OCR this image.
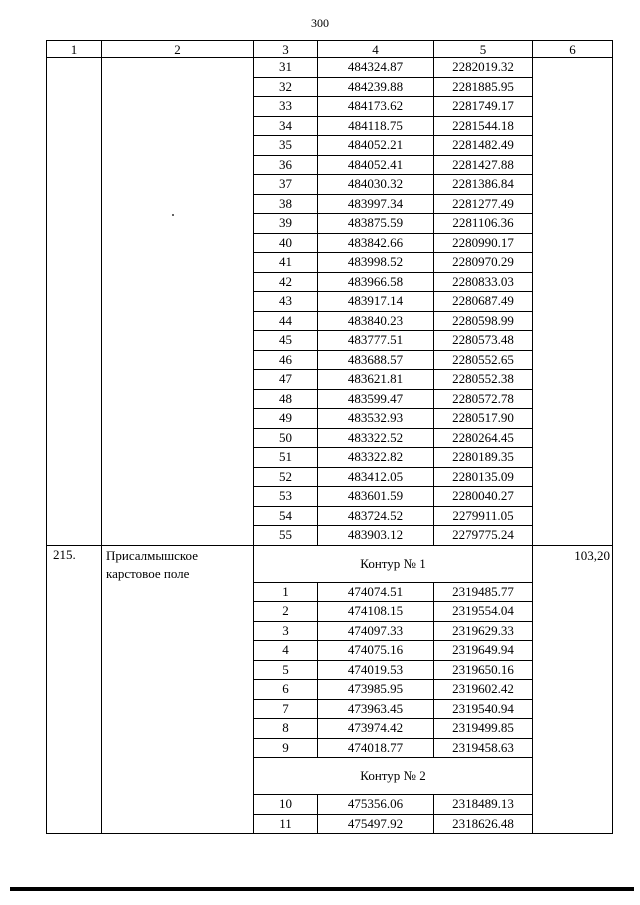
300
1	2	3	4	5	6
		31	484324.87	2282019.32	
		32	484239.88	2281885.95	
		33	484173.62	2281749.17	
		34	484118.75	2281544.18	
		35	484052.21	2281482.49	
		36	484052.41	2281427.88	
		37	484030.32	2281386.84	
		38	483997.34	2281277.49	
		39	483875.59	2281106.36	
		40	483842.66	2280990.17	
		41	483998.52	2280970.29	
		42	483966.58	2280833.03	
		43	483917.14	2280687.49	
		44	483840.23	2280598.99	
		45	483777.51	2280573.48	
		46	483688.57	2280552.65	
		47	483621.81	2280552.38	
		48	483599.47	2280572.78	
		49	483532.93	2280517.90	
		50	483322.52	2280264.45	
		51	483322.82	2280189.35	
		52	483412.05	2280135.09	
		53	483601.59	2280040.27	
		54	483724.52	2279911.05	
		55	483903.12	2279775.24	
215.	Присалмышское карстовое поле	Контур № 1			103,20
		1	474074.51	2319485.77	
		2	474108.15	2319554.04	
		3	474097.33	2319629.33	
		4	474075.16	2319649.94	
		5	474019.53	2319650.16	
		6	473985.95	2319602.42	
		7	473963.45	2319540.94	
		8	473974.42	2319499.85	
		9	474018.77	2319458.63	
		Контур № 2			
		10	475356.06	2318489.13	
		11	475497.92	2318626.48	
